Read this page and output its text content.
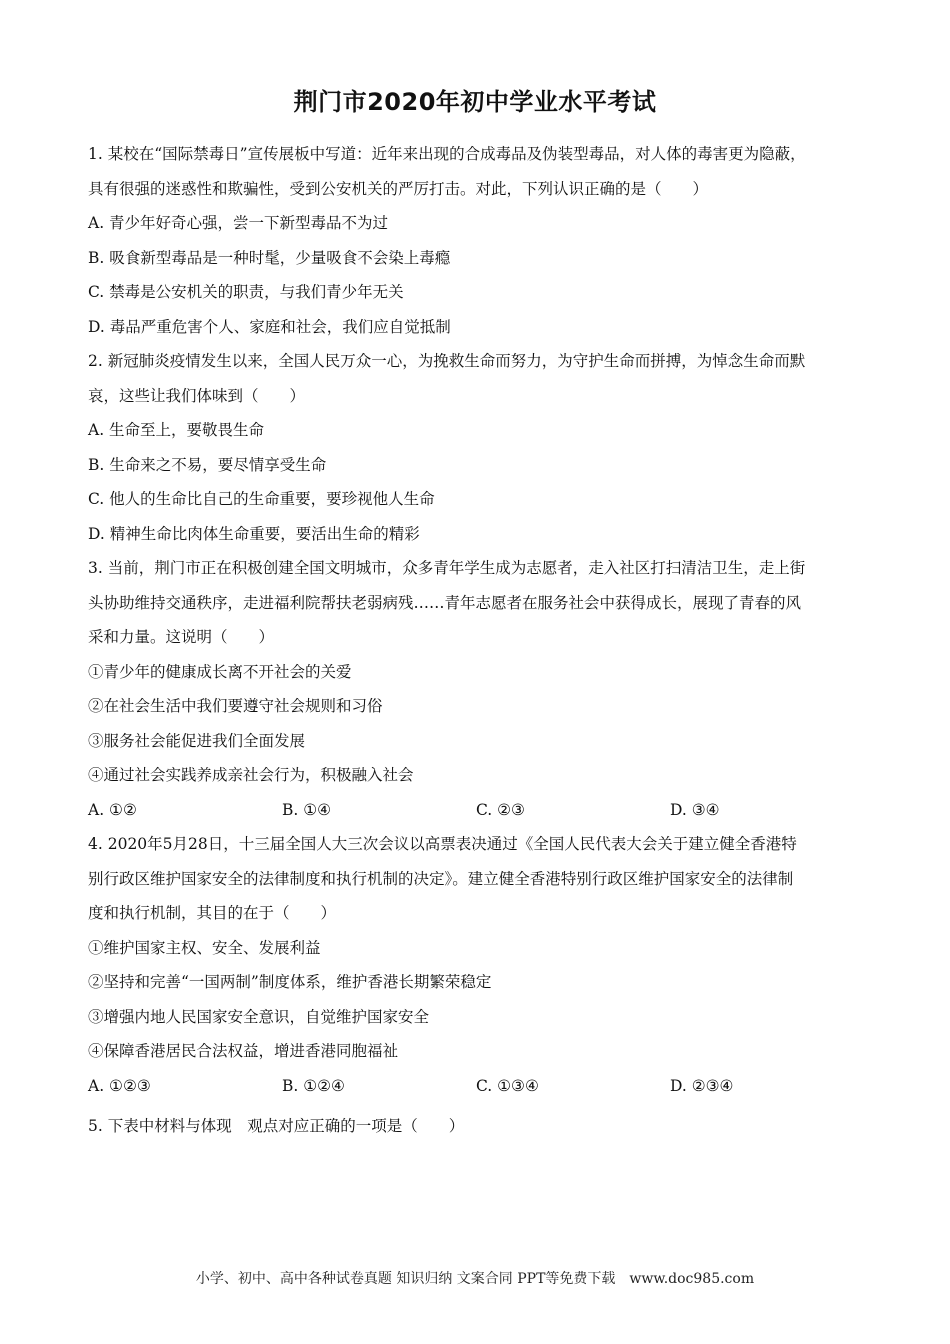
荆门市2020年初中学业水平考试
1. 某校在“国际禁毒日”宣传展板中写道：近年来出现的合成毒品及伪装型毒品，对人体的毒害更为隐蔽，
具有很强的迷惑性和欺骗性，受到公安机关的严厉打击。对此，下列认识正确的是（　　）
A. 青少年好奇心强，尝一下新型毒品不为过
B. 吸食新型毒品是一种时髦，少量吸食不会染上毒瘾
C. 禁毒是公安机关的职责，与我们青少年无关
D. 毒品严重危害个人、家庭和社会，我们应自觉抵制
2. 新冠肺炎疫情发生以来，全国人民万众一心，为挽救生命而努力，为守护生命而拼搏，为悼念生命而默
哀，这些让我们体味到（　　）
A. 生命至上，要敬畏生命
B. 生命来之不易，要尽情享受生命
C. 他人的生命比自己的生命重要，要珍视他人生命
D. 精神生命比肉体生命重要，要活出生命的精彩
3. 当前，荆门市正在积极创建全国文明城市，众多青年学生成为志愿者，走入社区打扫清洁卫生，走上街
头协助维持交通秩序，走进福利院帮扶老弱病残……青年志愿者在服务社会中获得成长，展现了青春的风
采和力量。这说明（　　）
①青少年的健康成长离不开社会的关爱
②在社会生活中我们要遵守社会规则和习俗
③服务社会能促进我们全面发展
④通过社会实践养成亲社会行为，积极融入社会
A. ①②	B. ①④	C. ②③	D. ③④
4. 2020年5月28日，十三届全国人大三次会议以高票表决通过《全国人民代表大会关于建立健全香港特
别行政区维护国家安全的法律制度和执行机制的决定》。建立健全香港特别行政区维护国家安全的法律制
度和执行机制，其目的在于（　　）
①维护国家主权、安全、发展利益
②坚持和完善“一国两制”制度体系，维护香港长期繁荣稳定
③增强内地人民国家安全意识，自觉维护国家安全
④保障香港居民合法权益，增进香港同胞福祉
A. ①②③	B. ①②④	C. ①③④	D. ②③④
5. 下表中材料与体现　观点对应正确的一项是（　　）
小学、初中、高中各种试卷真题 知识归纳 文案合同 PPT等免费下载　www.doc985.com
